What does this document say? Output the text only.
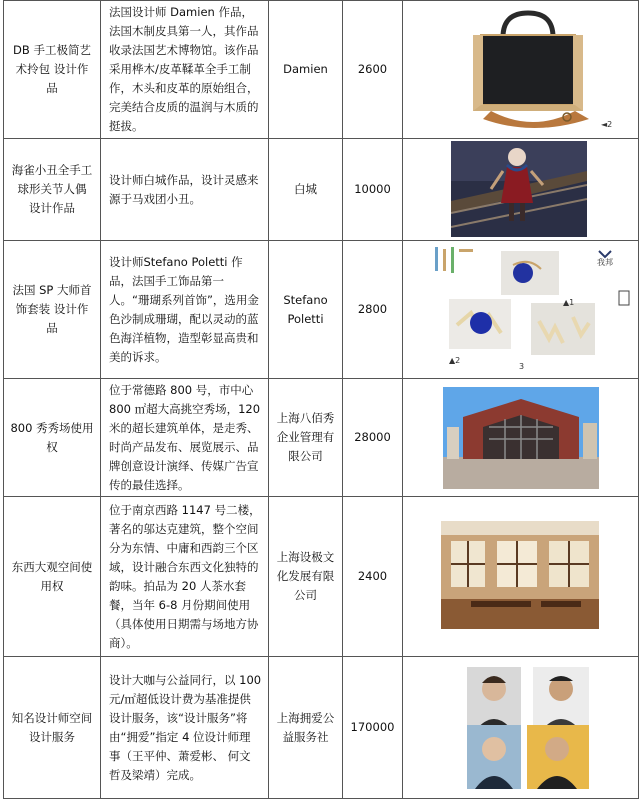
DB 手工极简艺术拎包 设计作品	法国设计师 Damien 作品，法国木制皮具第一人，其作品收录法国艺术博物馆。该作品采用桦木/皮革鞣革全手工制作，木头和皮革的原始组合，完美结合皮质的温润与木质的挺拔。	Damien	2600	◄2

海雀小丑全手工球形关节人偶 设计作品	设计师白城作品，设计灵感来源于马戏团小丑。	白城	10000	

法国 SP 大师首饰套装 设计作品	设计师Stefano Poletti 作品，法国手工饰品第一人。“珊瑚系列首饰”，选用金色沙制成珊瑚，配以灵动的蓝色海洋植物，造型彰显高贵和美的诉求。	Stefano Poletti	2800	我邦
▲1
▲2
3

800 秀秀场使用权	位于常德路 800 号，市中心 800 ㎡超大高挑空秀场，120 米的超长建筑单体，是走秀、时尚产品发布、展览展示、品牌创意设计演绎、传媒广告宣传的最佳选择。	上海八佰秀企业管理有限公司	28000	

东西大观空间使用权	位于南京西路 1147 号二楼，著名的邬达克建筑，整个空间分为东情、中庸和西韵三个区域，设计融合东西文化独特的韵味。拍品为 20 人茶水套餐，当年 6-8 月份期间使用（具体使用日期需与场地方协商）。	上海设极文化发展有限公司	2400	

知名设计师空间设计服务	设计大咖与公益同行，以 100 元/㎡超低设计费为基准提供设计服务，该“设计服务”将由“拥爱”指定 4 位设计师理事（王平仲、萧爱彬、 何文哲及梁靖）完成。	上海拥爱公益服务社	170000	
